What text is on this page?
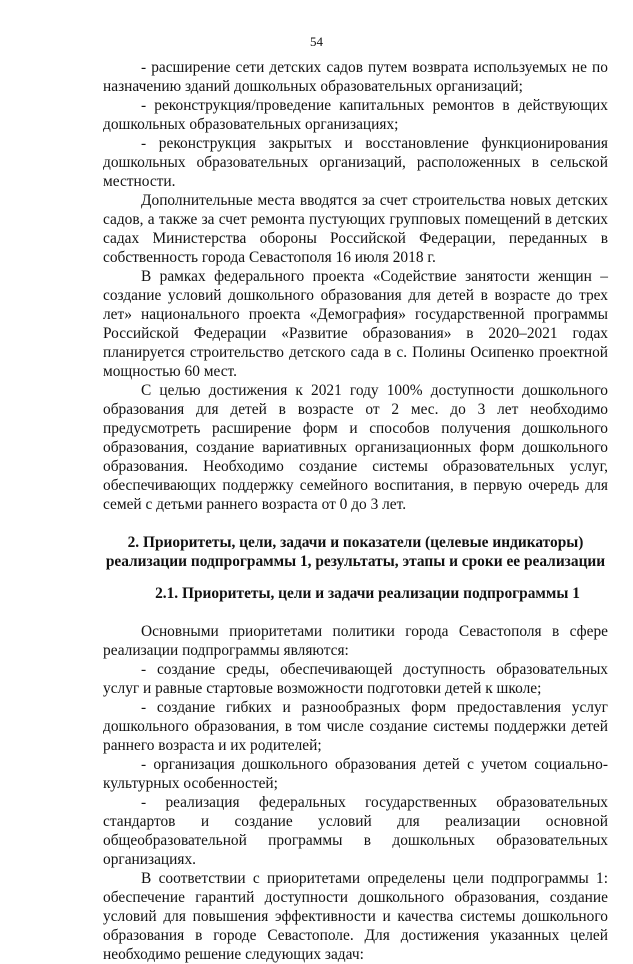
54

- расширение сети детских садов путем возврата используемых не по назначению зданий дошкольных образовательных организаций;

- реконструкция/проведение капитальных ремонтов в действующих дошкольных образовательных организациях;

- реконструкция закрытых и восстановление функционирования дошкольных образовательных организаций, расположенных в сельской местности.

Дополнительные места вводятся за счет строительства новых детских садов, а также за счет ремонта пустующих групповых помещений в детских садах Министерства обороны Российской Федерации, переданных в собственность города Севастополя 16 июля 2018 г.

В рамках федерального проекта «Содействие занятости женщин – создание условий дошкольного образования для детей в возрасте до трех лет» национального проекта «Демография» государственной программы Российской Федерации «Развитие образования» в 2020–2021 годах планируется строительство детского сада в с. Полины Осипенко проектной мощностью 60 мест.

С целью достижения к 2021 году 100% доступности дошкольного образования для детей в возрасте от 2 мес. до 3 лет необходимо предусмотреть расширение форм и способов получения дошкольного образования, создание вариативных организационных форм дошкольного образования. Необходимо создание системы образовательных услуг, обеспечивающих поддержку семейного воспитания, в первую очередь для семей с детьми раннего возраста от 0 до 3 лет.

2. Приоритеты, цели, задачи и показатели (целевые индикаторы)

реализации подпрограммы 1, результаты, этапы и сроки ее реализации

2.1. Приоритеты, цели и задачи реализации подпрограммы 1

Основными приоритетами политики города Севастополя в сфере реализации подпрограммы являются:

- создание среды, обеспечивающей доступность образовательных услуг и равные стартовые возможности подготовки детей к школе;

- создание гибких и разнообразных форм предоставления услуг дошкольного образования, в том числе создание системы поддержки детей раннего возраста и их родителей;

- организация дошкольного образования детей с учетом социально-культурных особенностей;

- реализация федеральных государственных образовательных стандартов и создание условий для реализации основной общеобразовательной программы в дошкольных образовательных организациях.

В соответствии с приоритетами определены цели подпрограммы 1: обеспечение гарантий доступности дошкольного образования, создание условий для повышения эффективности и качества системы дошкольного образования в городе Севастополе. Для достижения указанных целей необходимо решение следующих задач:
